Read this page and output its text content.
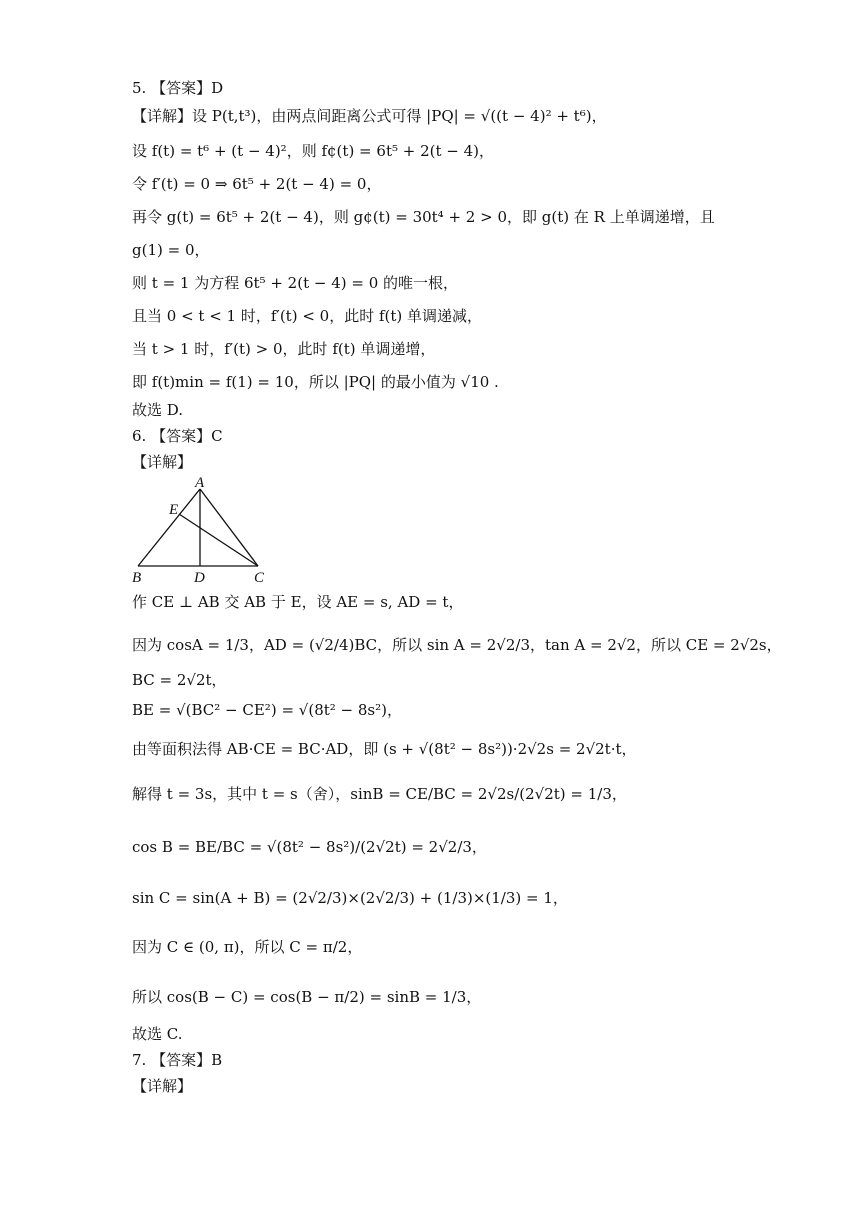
5. 【答案】D
【详解】设 P(t,t³)，由两点间距离公式可得 |PQ| = √((t − 4)² + t⁶)，
设 f(t) = t⁶ + (t − 4)²，则 f¢(t) = 6t⁵ + 2(t − 4)，
令 f′(t) = 0 ⇒ 6t⁵ + 2(t − 4) = 0，
再令 g(t) = 6t⁵ + 2(t − 4)，则 g¢(t) = 30t⁴ + 2 > 0，即 g(t) 在 R 上单调递增，且
g(1) = 0，
则 t = 1 为方程 6t⁵ + 2(t − 4) = 0 的唯一根，
且当 0 < t < 1 时，f′(t) < 0，此时 f(t) 单调递减，
当 t > 1 时，f′(t) > 0，此时 f(t) 单调递增，
即 f(t)min = f(1) = 10，所以 |PQ| 的最小值为 √10 .
故选 D.
6. 【答案】C
【详解】
A
E
B	D	C
作 CE ⊥ AB 交 AB 于 E，设 AE = s, AD = t，
因为 cosA = 1/3，AD = (√2/4)BC，所以 sin A = 2√2/3，tan A = 2√2，所以 CE = 2√2s，
BC = 2√2t，
BE = √(BC² − CE²) = √(8t² − 8s²)，
由等面积法得 AB·CE = BC·AD，即 (s + √(8t² − 8s²))·2√2s = 2√2t·t，
解得 t = 3s，其中 t = s（舍），sinB = CE/BC = 2√2s/(2√2t) = 1/3，
cos B = BE/BC = √(8t² − 8s²)/(2√2t) = 2√2/3，
sin C = sin(A + B) = (2√2/3)×(2√2/3) + (1/3)×(1/3) = 1，
因为 C ∈ (0, π)，所以 C = π/2，
所以 cos(B − C) = cos(B − π/2) = sinB = 1/3，
故选 C.
7. 【答案】B
【详解】
